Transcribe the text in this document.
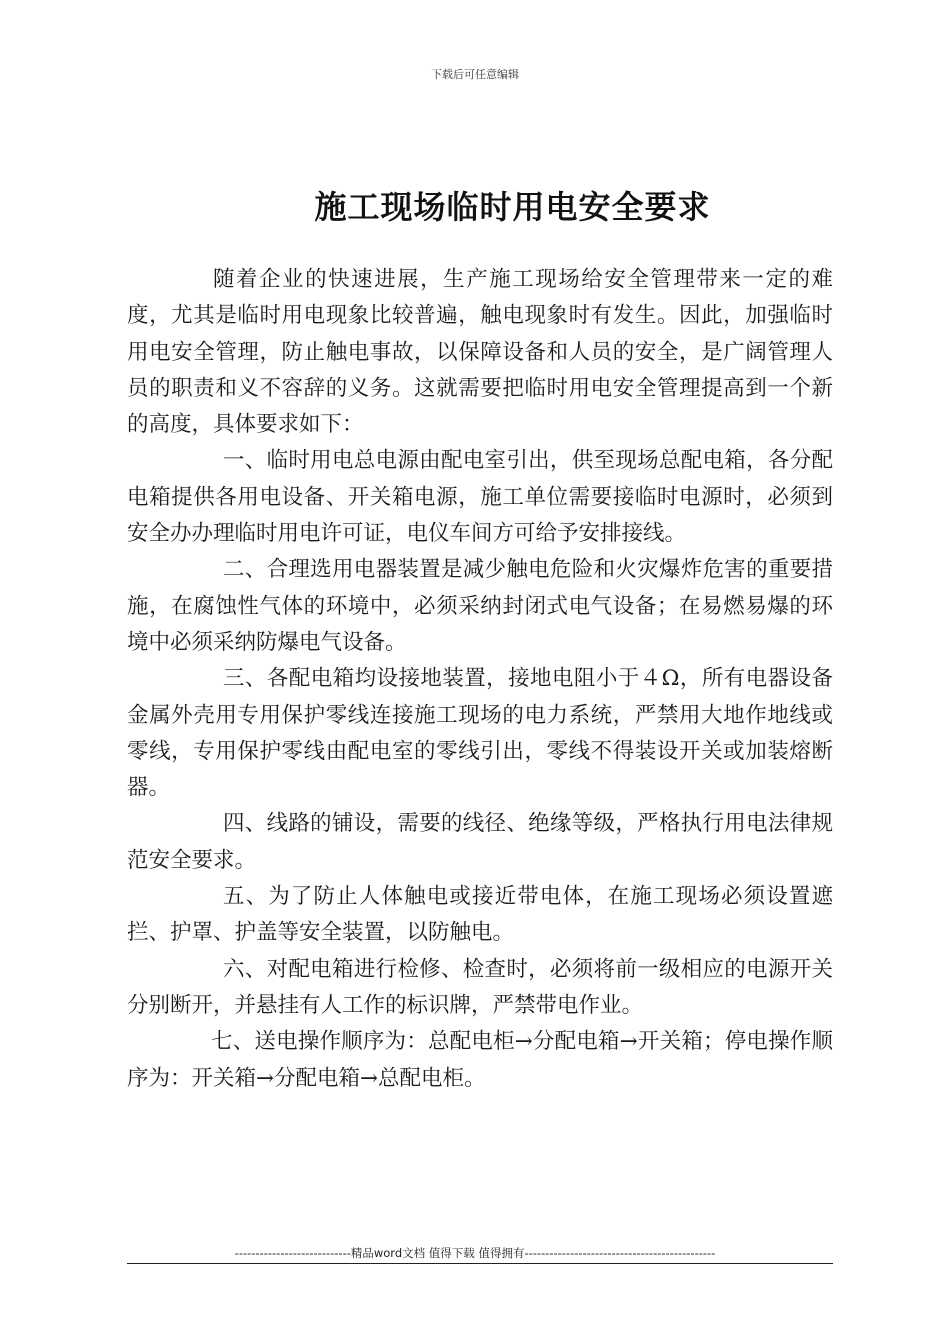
下载后可任意编辑
施工现场临时用电安全要求

随着企业的快速进展，生产施工现场给安全管理带来一定的难度，尤其是临时用电现象比较普遍，触电现象时有发生。因此，加强临时用电安全管理，防止触电事故，以保障设备和人员的安全，是广阔管理人员的职责和义不容辞的义务。这就需要把临时用电安全管理提高到一个新的高度，具体要求如下：

一、临时用电总电源由配电室引出，供至现场总配电箱，各分配电箱提供各用电设备、开关箱电源，施工单位需要接临时电源时，必须到安全办办理临时用电许可证，电仪车间方可给予安排接线。

二、合理选用电器装置是减少触电危险和火灾爆炸危害的重要措施，在腐蚀性气体的环境中，必须采纳封闭式电气设备；在易燃易爆的环境中必须采纳防爆电气设备。

三、各配电箱均设接地装置，接地电阻小于４Ω，所有电器设备金属外壳用专用保护零线连接施工现场的电力系统，严禁用大地作地线或零线，专用保护零线由配电室的零线引出，零线不得装设开关或加装熔断器。

四、线路的铺设，需要的线径、绝缘等级，严格执行用电法律规范安全要求。

五、为了防止人体触电或接近带电体，在施工现场必须设置遮拦、护罩、护盖等安全装置，以防触电。

六、对配电箱进行检修、检查时，必须将前一级相应的电源开关分别断开，并悬挂有人工作的标识牌，严禁带电作业。

七、送电操作顺序为：总配电柜→分配电箱→开关箱；停电操作顺序为：开关箱→分配电箱→总配电柜。

----------------------------精品word文档 值得下载 值得拥有----------------------------------------------
